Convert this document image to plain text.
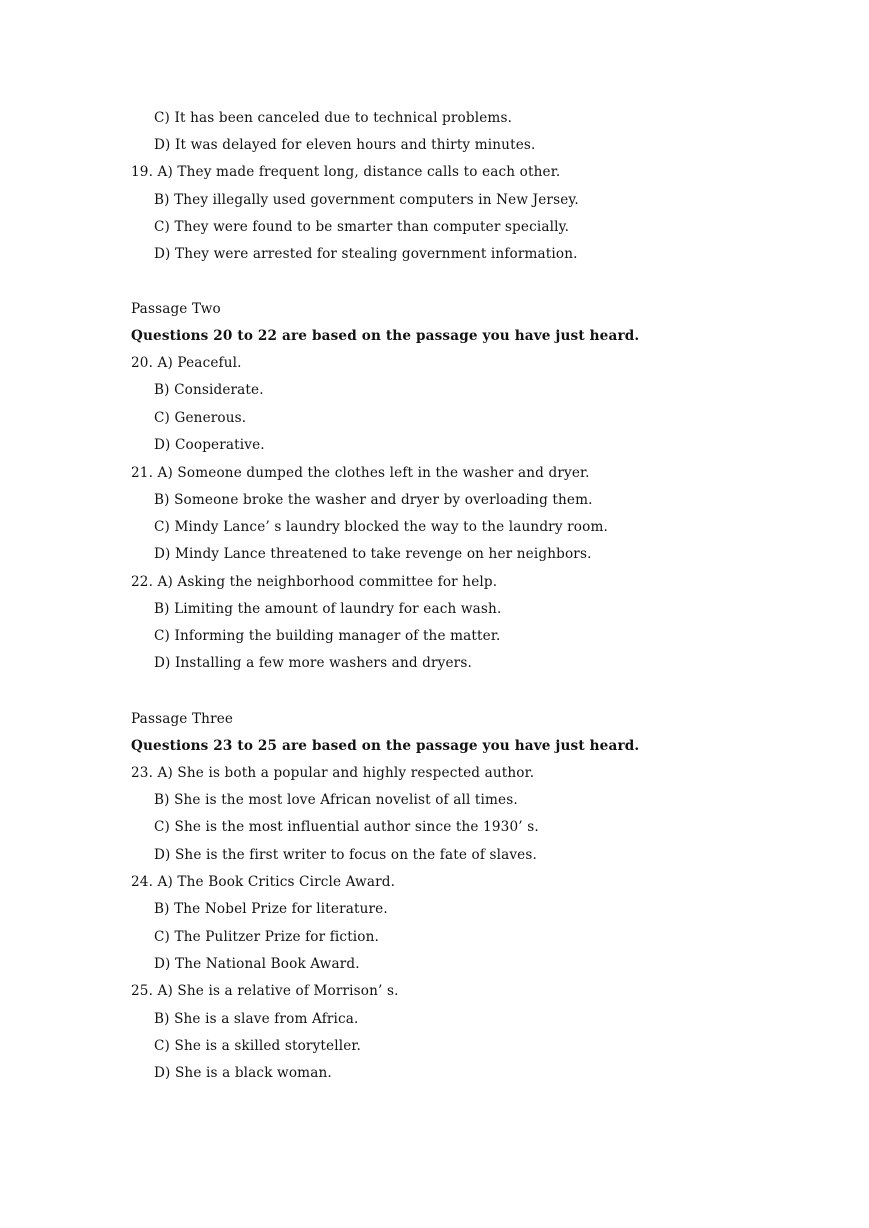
C) It has been canceled due to technical problems.
D) It was delayed for eleven hours and thirty minutes.
19. A) They made frequent long, distance calls to each other.
B) They illegally used government computers in New Jersey.
C) They were found to be smarter than computer specially.
D) They were arrested for stealing government information.
Passage Two
Questions 20 to 22 are based on the passage you have just heard.
20. A) Peaceful.
B) Considerate.
C) Generous.
D) Cooperative.
21. A) Someone dumped the clothes left in the washer and dryer.
B) Someone broke the washer and dryer by overloading them.
C) Mindy Lance’ s laundry blocked the way to the laundry room.
D) Mindy Lance threatened to take revenge on her neighbors.
22. A) Asking the neighborhood committee for help.
B) Limiting the amount of laundry for each wash.
C) Informing the building manager of the matter.
D) Installing a few more washers and dryers.
Passage Three
Questions 23 to 25 are based on the passage you have just heard.
23. A) She is both a popular and highly respected author.
B) She is the most love African novelist of all times.
C) She is the most influential author since the 1930’ s.
D) She is the first writer to focus on the fate of slaves.
24. A) The Book Critics Circle Award.
B) The Nobel Prize for literature.
C) The Pulitzer Prize for fiction.
D) The National Book Award.
25. A) She is a relative of Morrison’ s.
B) She is a slave from Africa.
C) She is a skilled storyteller.
D) She is a black woman.
